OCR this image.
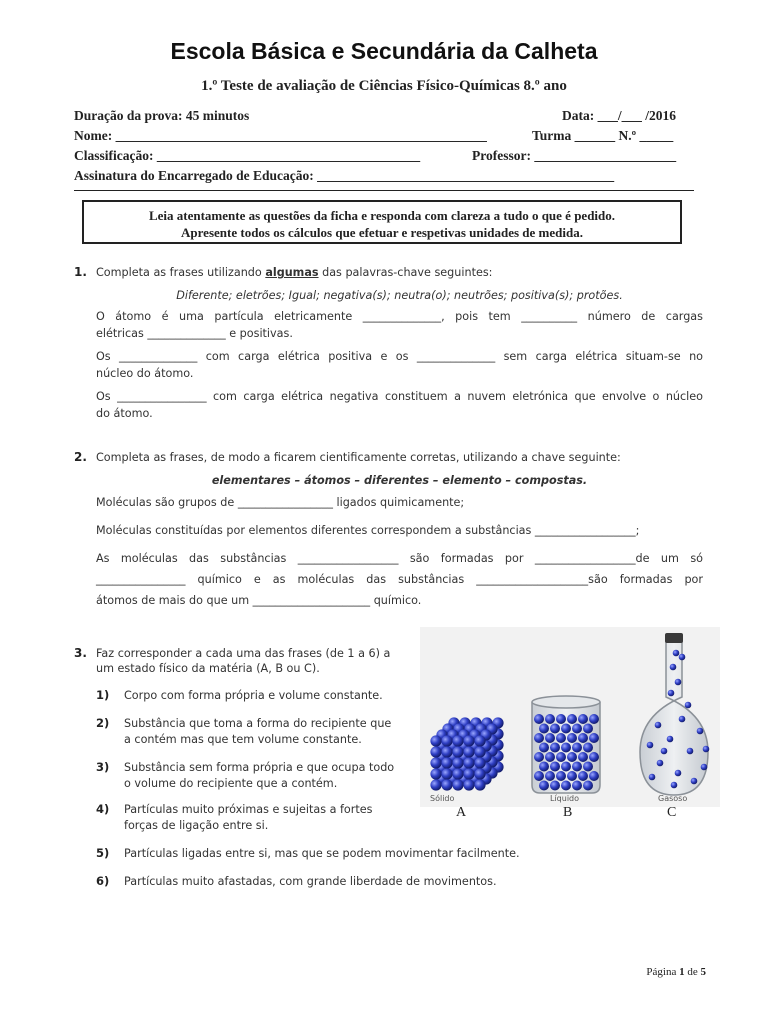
Escola Básica e Secundária da Calheta
1.º Teste de avaliação de Ciências Físico-Químicas 8.º ano
Duração da prova: 45 minutos	Data: ___/___ /2016
Nome: _______________________________________________________	Turma ______ N.º _____
Classificação: _______________________________________	Professor: _____________________
Assinatura do Encarregado de Educação: ____________________________________________
Leia atentamente as questões da ficha e responda com clareza a tudo o que é pedido.
Apresente todos os cálculos que efetuar e respetivas unidades de medida.
1. Completa as frases utilizando algumas das palavras-chave seguintes:
Diferente; eletrões; Igual; negativa(s); neutra(o); neutrões; positiva(s); protões.
O átomo é uma partícula eletricamente ______________, pois tem __________ número de cargas
elétricas ______________ e positivas.
Os ______________ com carga elétrica positiva e os ______________ sem carga elétrica situam-se no
núcleo do átomo.
Os ________________ com carga elétrica negativa constituem a nuvem eletrónica que envolve o núcleo
do átomo.
2. Completa as frases, de modo a ficarem cientificamente corretas, utilizando a chave seguinte:
elementares – átomos – diferentes – elemento – compostas.
Moléculas são grupos de _________________ ligados quimicamente;
Moléculas constituídas por elementos diferentes correspondem a substâncias __________________;
As moléculas das substâncias __________________ são formadas por __________________de um só
________________ químico e as moléculas das substâncias ____________________são formadas por
átomos de mais do que um _____________________ químico.
3. Faz corresponder a cada uma das frases (de 1 a 6) a
um estado físico da matéria (A, B ou C).
1) Corpo com forma própria e volume constante.
2) Substância que toma a forma do recipiente que
a contém mas que tem volume constante.
3) Substância sem forma própria e que ocupa todo
o volume do recipiente que a contém.
4) Partículas muito próximas e sujeitas a fortes
forças de ligação entre si.
5) Partículas ligadas entre si, mas que se podem movimentar facilmente.
6) Partículas muito afastadas, com grande liberdade de movimentos.
Sólido	Líquido	Gasoso
A	B	C
Página 1 de 5
